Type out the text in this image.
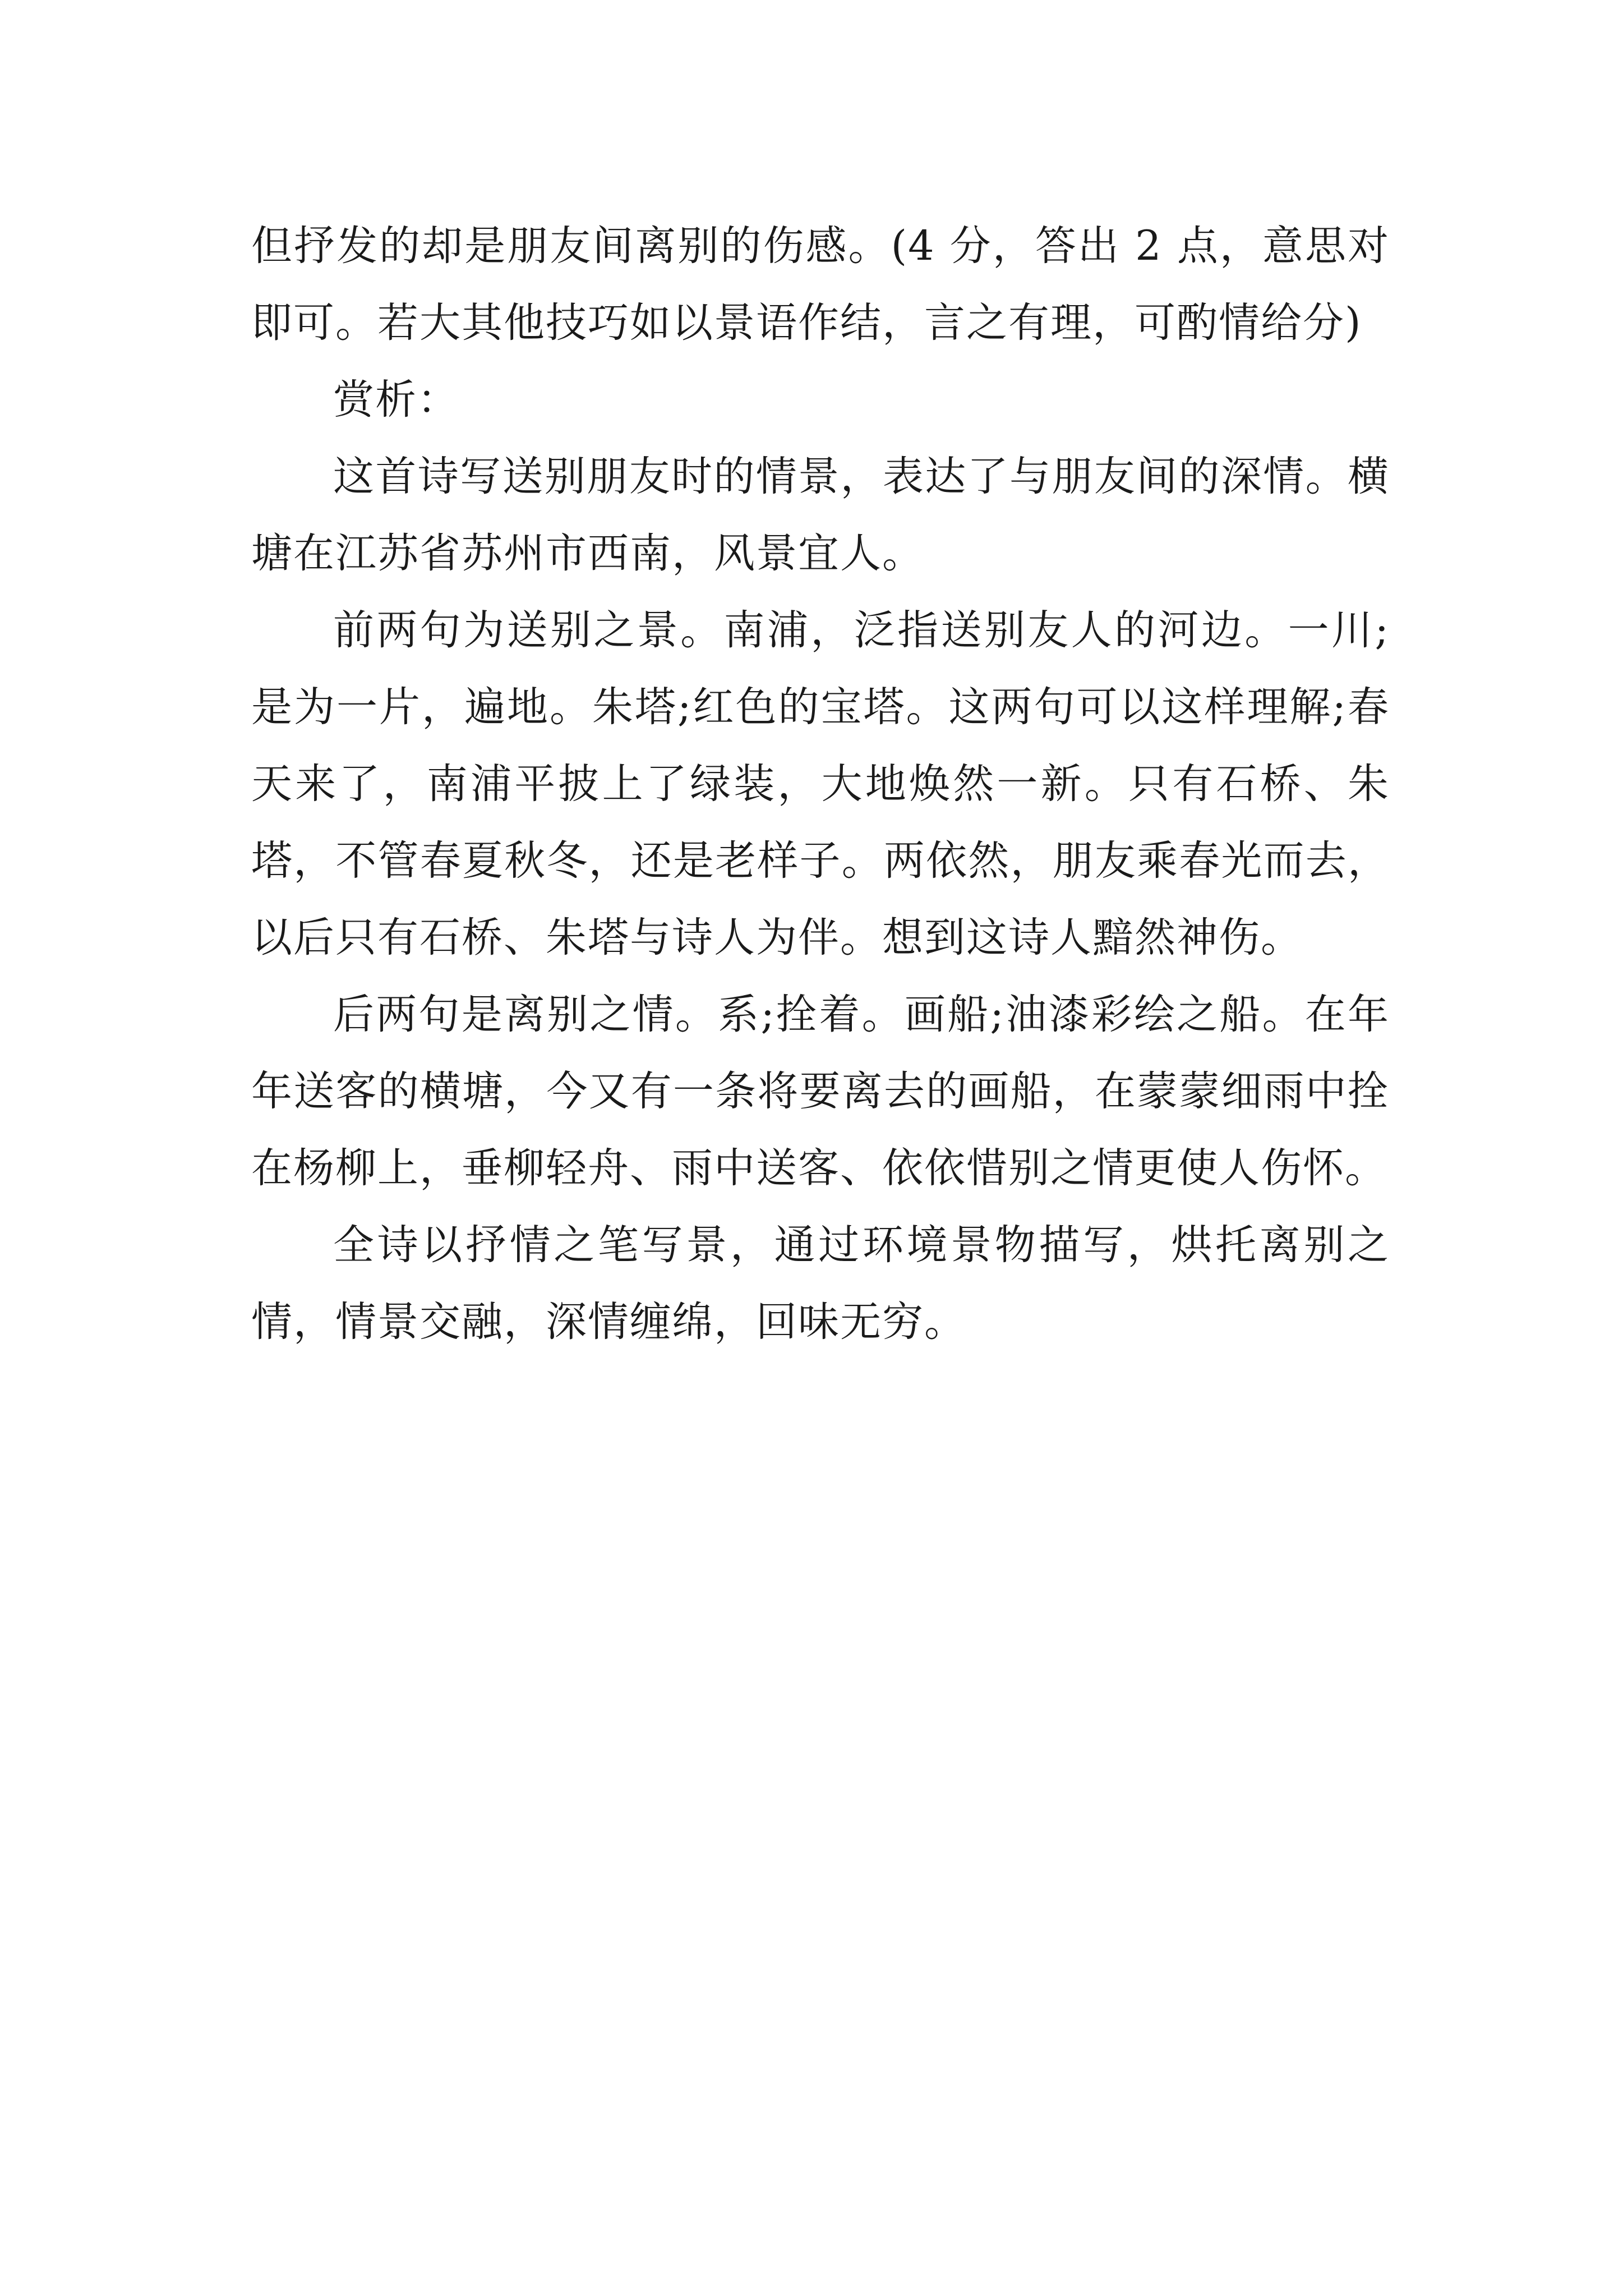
但抒发的却是朋友间离别的伤感。(4 分，答出 2 点，意思对即可。若大其他技巧如以景语作结，言之有理，可酌情给分)

赏析：

这首诗写送别朋友时的情景，表达了与朋友间的深情。横塘在江苏省苏州市西南，风景宜人。

前两句为送别之景。南浦，泛指送别友人的河边。一川;是为一片，遍地。朱塔;红色的宝塔。这两句可以这样理解;春天来了，南浦平披上了绿装，大地焕然一新。只有石桥、朱塔，不管春夏秋冬，还是老样子。两依然，朋友乘春光而去，以后只有石桥、朱塔与诗人为伴。想到这诗人黯然神伤。

后两句是离别之情。系;拴着。画船;油漆彩绘之船。在年年送客的横塘，今又有一条将要离去的画船，在蒙蒙细雨中拴在杨柳上，垂柳轻舟、雨中送客、依依惜别之情更使人伤怀。

全诗以抒情之笔写景，通过环境景物描写，烘托离别之情，情景交融，深情缠绵，回味无穷。
